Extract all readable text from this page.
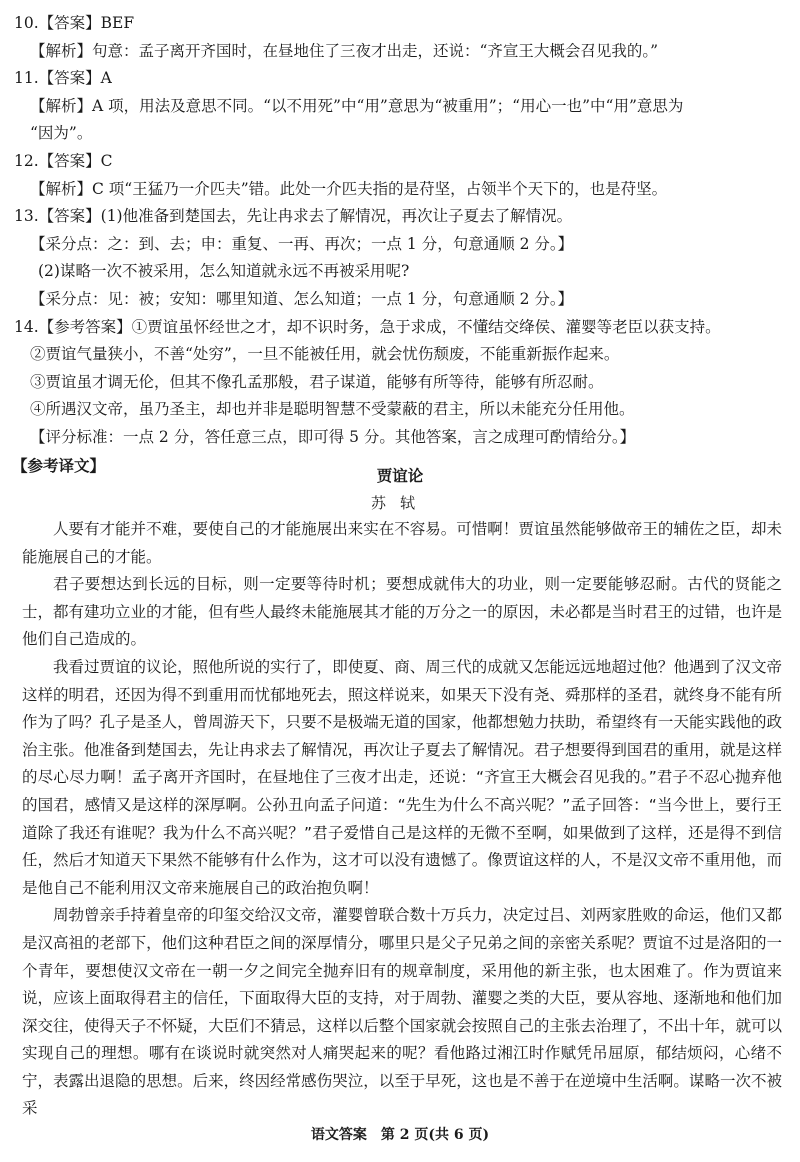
10.【答案】BEF

【解析】句意：孟子离开齐国时，在昼地住了三夜才出走，还说：“齐宣王大概会召见我的。”

11.【答案】A

【解析】A 项，用法及意思不同。“以不用死”中“用”意思为“被重用”；“用心一也”中“用”意思为

“因为”。

12.【答案】C

【解析】C 项“王猛乃一介匹夫”错。此处一介匹夫指的是苻坚，占领半个天下的，也是苻坚。

13.【答案】(1)他准备到楚国去，先让冉求去了解情况，再次让子夏去了解情况。

【采分点：之：到、去；申：重复、一再、再次；一点 1 分，句意通顺 2 分。】

(2)谋略一次不被采用，怎么知道就永远不再被采用呢?

【采分点：见：被；安知：哪里知道、怎么知道；一点 1 分，句意通顺 2 分。】

14.【参考答案】①贾谊虽怀经世之才，却不识时务，急于求成，不懂结交绛侯、灌婴等老臣以获支持。

②贾谊气量狭小，不善“处穷”，一旦不能被任用，就会忧伤颓废，不能重新振作起来。

③贾谊虽才调无伦，但其不像孔孟那般，君子谋道，能够有所等待，能够有所忍耐。

④所遇汉文帝，虽乃圣主，却也并非是聪明智慧不受蒙蔽的君主，所以未能充分任用他。

【评分标准：一点 2 分，答任意三点，即可得 5 分。其他答案，言之成理可酌情给分。】

【参考译文】

贾谊论
苏轼

人要有才能并不难，要使自己的才能施展出来实在不容易。可惜啊！贾谊虽然能够做帝王的辅佐之臣，却未能施展自己的才能。

君子要想达到长远的目标，则一定要等待时机；要想成就伟大的功业，则一定要能够忍耐。古代的贤能之士，都有建功立业的才能，但有些人最终未能施展其才能的万分之一的原因，未必都是当时君王的过错，也许是他们自己造成的。

我看过贾谊的议论，照他所说的实行了，即使夏、商、周三代的成就又怎能远远地超过他？他遇到了汉文帝这样的明君，还因为得不到重用而忧郁地死去，照这样说来，如果天下没有尧、舜那样的圣君，就终身不能有所作为了吗？孔子是圣人，曾周游天下，只要不是极端无道的国家，他都想勉力扶助，希望终有一天能实践他的政治主张。他准备到楚国去，先让冉求去了解情况，再次让子夏去了解情况。君子想要得到国君的重用，就是这样的尽心尽力啊！孟子离开齐国时，在昼地住了三夜才出走，还说：“齐宣王大概会召见我的。”君子不忍心抛弃他的国君，感情又是这样的深厚啊。公孙丑向孟子问道：“先生为什么不高兴呢？”孟子回答：“当今世上，要行王道除了我还有谁呢？我为什么不高兴呢？”君子爱惜自己是这样的无微不至啊，如果做到了这样，还是得不到信任，然后才知道天下果然不能够有什么作为，这才可以没有遗憾了。像贾谊这样的人，不是汉文帝不重用他，而是他自己不能利用汉文帝来施展自己的政治抱负啊！

周勃曾亲手持着皇帝的印玺交给汉文帝，灌婴曾联合数十万兵力，决定过吕、刘两家胜败的命运，他们又都是汉高祖的老部下，他们这种君臣之间的深厚情分，哪里只是父子兄弟之间的亲密关系呢？贾谊不过是洛阳的一个青年，要想使汉文帝在一朝一夕之间完全抛弃旧有的规章制度，采用他的新主张，也太困难了。作为贾谊来说，应该上面取得君主的信任，下面取得大臣的支持，对于周勃、灌婴之类的大臣，要从容地、逐渐地和他们加深交往，使得天子不怀疑，大臣们不猜忌，这样以后整个国家就会按照自己的主张去治理了，不出十年，就可以实现自己的理想。哪有在谈说时就突然对人痛哭起来的呢？看他路过湘江时作赋凭吊屈原，郁结烦闷，心绪不宁，表露出退隐的思想。后来，终因经常感伤哭泣，以至于早死，这也是不善于在逆境中生活啊。谋略一次不被采

语文答案　第 2 页(共 6 页)
